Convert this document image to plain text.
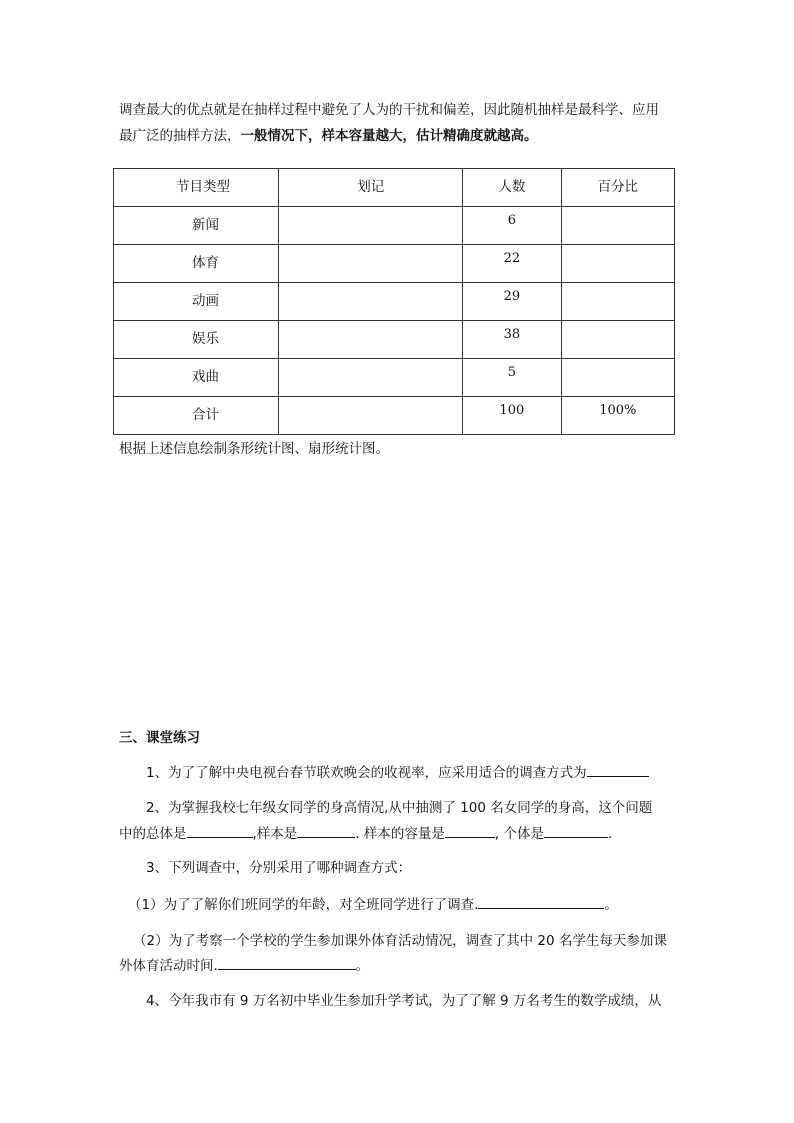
调查最大的优点就是在抽样过程中避免了人为的干扰和偏差，因此随机抽样是最科学、应用
最广泛的抽样方法，一般情况下，样本容量越大，估计精确度就越高。

节目类型	划记	人数	百分比

新闻		6	

体育		22	

动画		29	

娱乐		38	

戏曲		5	

合计		100	100%

根据上述信息绘制条形统计图、扇形统计图。

三、课堂练习

1、为了了解中央电视台春节联欢晚会的收视率，应采用适合的调查方式为

2、为掌握我校七年级女同学的身高情况,从中抽测了 100 名女同学的身高，这个问题

中的总体是	,样本是	. 样本的容量是	, 个体是	.

3、下列调查中，分别采用了哪种调查方式：

（1）为了了解你们班同学的年龄，对全班同学进行了调查.	。

（2）为了考察一个学校的学生参加课外体育活动情况，调查了其中 20 名学生每天参加课

外体育活动时间.	。

4、今年我市有 9 万名初中毕业生参加升学考试，为了了解 9 万名考生的数学成绩，从
